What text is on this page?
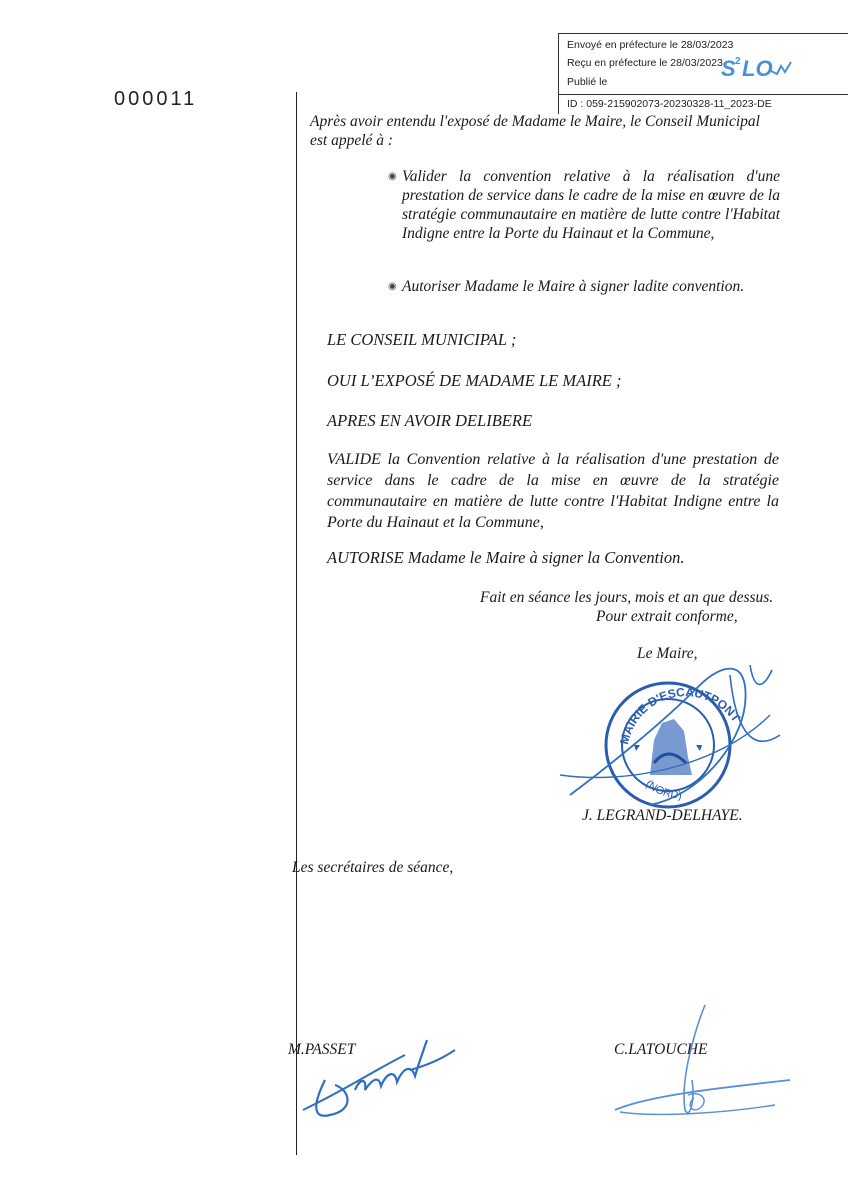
Envoyé en préfecture le 28/03/2023
Reçu en préfecture le 28/03/2023
Publié le
ID : 059-215902073-20230328-11_2023-DE
S 2 LO
000011
Après avoir entendu l'exposé de Madame le Maire, le Conseil Municipal est appelé à :
◉ Valider la convention relative à la réalisation d'une prestation de service dans le cadre de la mise en œuvre de la stratégie communautaire en matière de lutte contre l'Habitat Indigne entre la Porte du Hainaut et la Commune,
◉ Autoriser Madame le Maire à signer ladite convention.
LE CONSEIL MUNICIPAL ;
OUI L’EXPOSÉ DE MADAME LE MAIRE ;
APRES EN AVOIR DELIBERE
VALIDE la Convention relative à la réalisation d'une prestation de service dans le cadre de la mise en œuvre de la stratégie communautaire en matière de lutte contre l'Habitat Indigne entre la Porte du Hainaut et la Commune,
AUTORISE Madame le Maire à signer la Convention.
Fait en séance les jours, mois et an que dessus.
Pour extrait conforme,
Le Maire,
MAIRIE D'ESCAUTPONT
(NORD)
J. LEGRAND-DELHAYE.
Les secrétaires de séance,
M.PASSET	C.LATOUCHE
